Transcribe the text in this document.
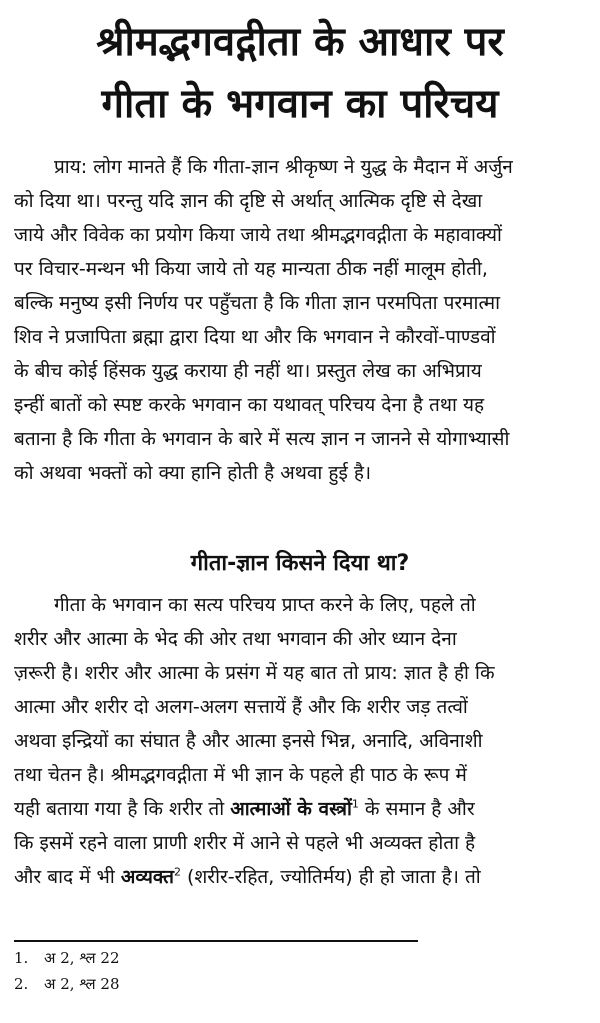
श्रीमद्भगवद्गीता के आधार पर
गीता के भगवान का परिचय
प्राय: लोग मानते हैं कि गीता-ज्ञान श्रीकृष्ण ने युद्ध के मैदान में अर्जुन
को दिया था। परन्तु यदि ज्ञान की दृष्टि से अर्थात् आत्मिक दृष्टि से देखा
जाये और विवेक का प्रयोग किया जाये तथा श्रीमद्भगवद्गीता के महावाक्यों
पर विचार-मन्थन भी किया जाये तो यह मान्यता ठीक नहीं मालूम होती,
बल्कि मनुष्य इसी निर्णय पर पहुँचता है कि गीता ज्ञान परमपिता परमात्मा
शिव ने प्रजापिता ब्रह्मा द्वारा दिया था और कि भगवान ने कौरवों-पाण्डवों
के बीच कोई हिंसक युद्ध कराया ही नहीं था। प्रस्तुत लेख का अभिप्राय
इन्हीं बातों को स्पष्ट करके भगवान का यथावत् परिचय देना है तथा यह
बताना है कि गीता के भगवान के बारे में सत्य ज्ञान न जानने से योगाभ्यासी
को अथवा भक्तों को क्या हानि होती है अथवा हुई है।
गीता-ज्ञान किसने दिया था?
गीता के भगवान का सत्य परिचय प्राप्त करने के लिए, पहले तो
शरीर और आत्मा के भेद की ओर तथा भगवान की ओर ध्यान देना
ज़रूरी है। शरीर और आत्मा के प्रसंग में यह बात तो प्राय: ज्ञात है ही कि
आत्मा और शरीर दो अलग-अलग सत्तायें हैं और कि शरीर जड़ तत्वों
अथवा इन्द्रियों का संघात है और आत्मा इनसे भिन्न, अनादि, अविनाशी
तथा चेतन है। श्रीमद्भगवद्गीता में भी ज्ञान के पहले ही पाठ के रूप में
यही बताया गया है कि शरीर तो आत्माओं के वस्त्रों$^1$ के समान है और
कि इसमें रहने वाला प्राणी शरीर में आने से पहले भी अव्यक्त होता है
और बाद में भी अव्यक्त$^2$ (शरीर-रहित, ज्योतिर्मय) ही हो जाता है। तो
1. अ 2, श्ल 22
2. अ 2, श्ल 28
